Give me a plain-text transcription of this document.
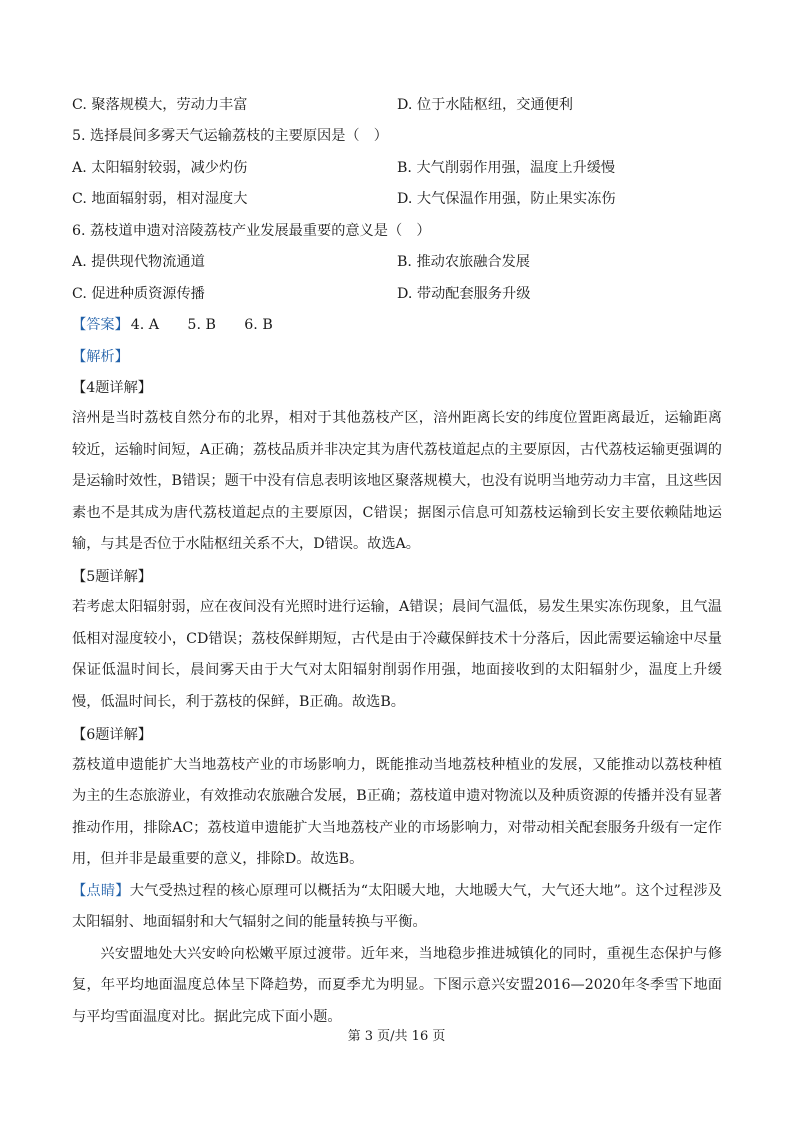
C. 聚落规模大，劳动力丰富	D. 位于水陆枢纽，交通便利
5. 选择晨间多雾天气运输荔枝的主要原因是（　）
A. 太阳辐射较弱，减少灼伤	B. 大气削弱作用强，温度上升缓慢
C. 地面辐射弱，相对湿度大	D. 大气保温作用强，防止果实冻伤
6. 荔枝道申遗对涪陵荔枝产业发展最重要的意义是（　）
A. 提供现代物流通道	B. 推动农旅融合发展
C. 促进种质资源传播	D. 带动配套服务升级
【答案】 4. A　　5. B　　6. B
【解析】
【4题详解】

涪州是当时荔枝自然分布的北界，相对于其他荔枝产区，涪州距离长安的纬度位置距离最近，运输距离较近，运输时间短，A正确；荔枝品质并非决定其为唐代荔枝道起点的主要原因，古代荔枝运输更强调的是运输时效性，B错误；题干中没有信息表明该地区聚落规模大，也没有说明当地劳动力丰富，且这些因素也不是其成为唐代荔枝道起点的主要原因，C错误；据图示信息可知荔枝运输到长安主要依赖陆地运输，与其是否位于水陆枢纽关系不大，D错误。故选A。

【5题详解】

若考虑太阳辐射弱，应在夜间没有光照时进行运输，A错误；晨间气温低，易发生果实冻伤现象，且气温低相对湿度较小，CD错误；荔枝保鲜期短，古代是由于冷藏保鲜技术十分落后，因此需要运输途中尽量保证低温时间长，晨间雾天由于大气对太阳辐射削弱作用强，地面接收到的太阳辐射少，温度上升缓慢，低温时间长，利于荔枝的保鲜，B正确。故选B。

【6题详解】

荔枝道申遗能扩大当地荔枝产业的市场影响力，既能推动当地荔枝种植业的发展，又能推动以荔枝种植为主的生态旅游业，有效推动农旅融合发展，B正确；荔枝道申遗对物流以及种质资源的传播并没有显著推动作用，排除AC；荔枝道申遗能扩大当地荔枝产业的市场影响力，对带动相关配套服务升级有一定作用，但并非是最重要的意义，排除D。故选B。

【点睛】大气受热过程的核心原理可以概括为“太阳暖大地，大地暖大气，大气还大地”。这个过程涉及太阳辐射、地面辐射和大气辐射之间的能量转换与平衡。

兴安盟地处大兴安岭向松嫩平原过渡带。近年来，当地稳步推进城镇化的同时，重视生态保护与修复，年平均地面温度总体呈下降趋势，而夏季尤为明显。下图示意兴安盟2016—2020年冬季雪下地面与平均雪面温度对比。据此完成下面小题。

第 3 页/共 16 页
